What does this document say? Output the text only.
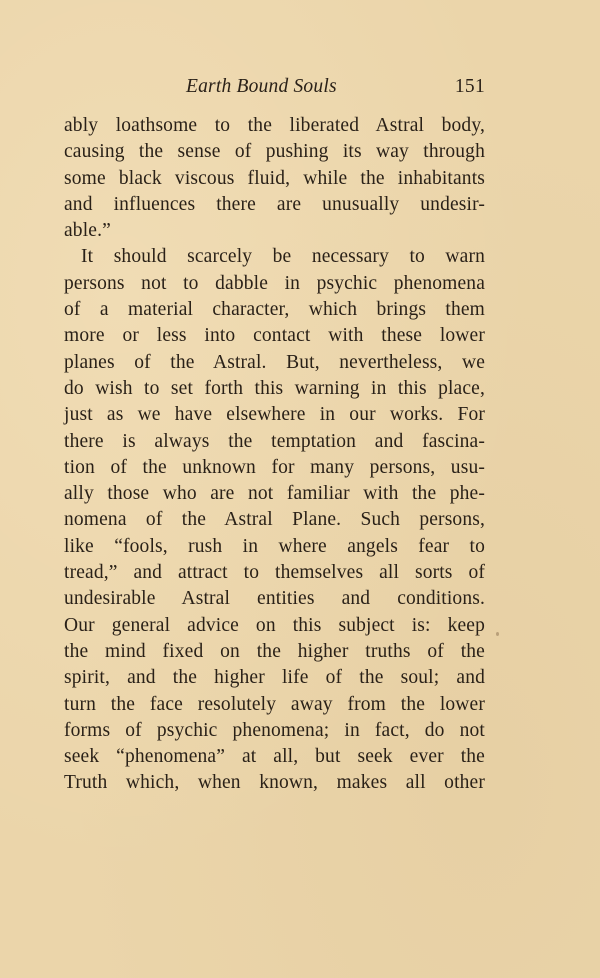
Earth Bound Souls	151
ably loathsome to the liberated Astral body,
causing the sense of pushing its way through
some black viscous fluid, while the inhabitants
and influences there are unusually undesir-
able.”
It should scarcely be necessary to warn
persons not to dabble in psychic phenomena
of a material character, which brings them
more or less into contact with these lower
planes of the Astral. But, nevertheless, we
do wish to set forth this warning in this place,
just as we have elsewhere in our works. For
there is always the temptation and fascina-
tion of the unknown for many persons, usu-
ally those who are not familiar with the phe-
nomena of the Astral Plane. Such persons,
like “fools, rush in where angels fear to
tread,” and attract to themselves all sorts of
undesirable Astral entities and conditions.
Our general advice on this subject is: keep
the mind fixed on the higher truths of the
spirit, and the higher life of the soul; and
turn the face resolutely away from the lower
forms of psychic phenomena; in fact, do not
seek “phenomena” at all, but seek ever the
Truth which, when known, makes all other
